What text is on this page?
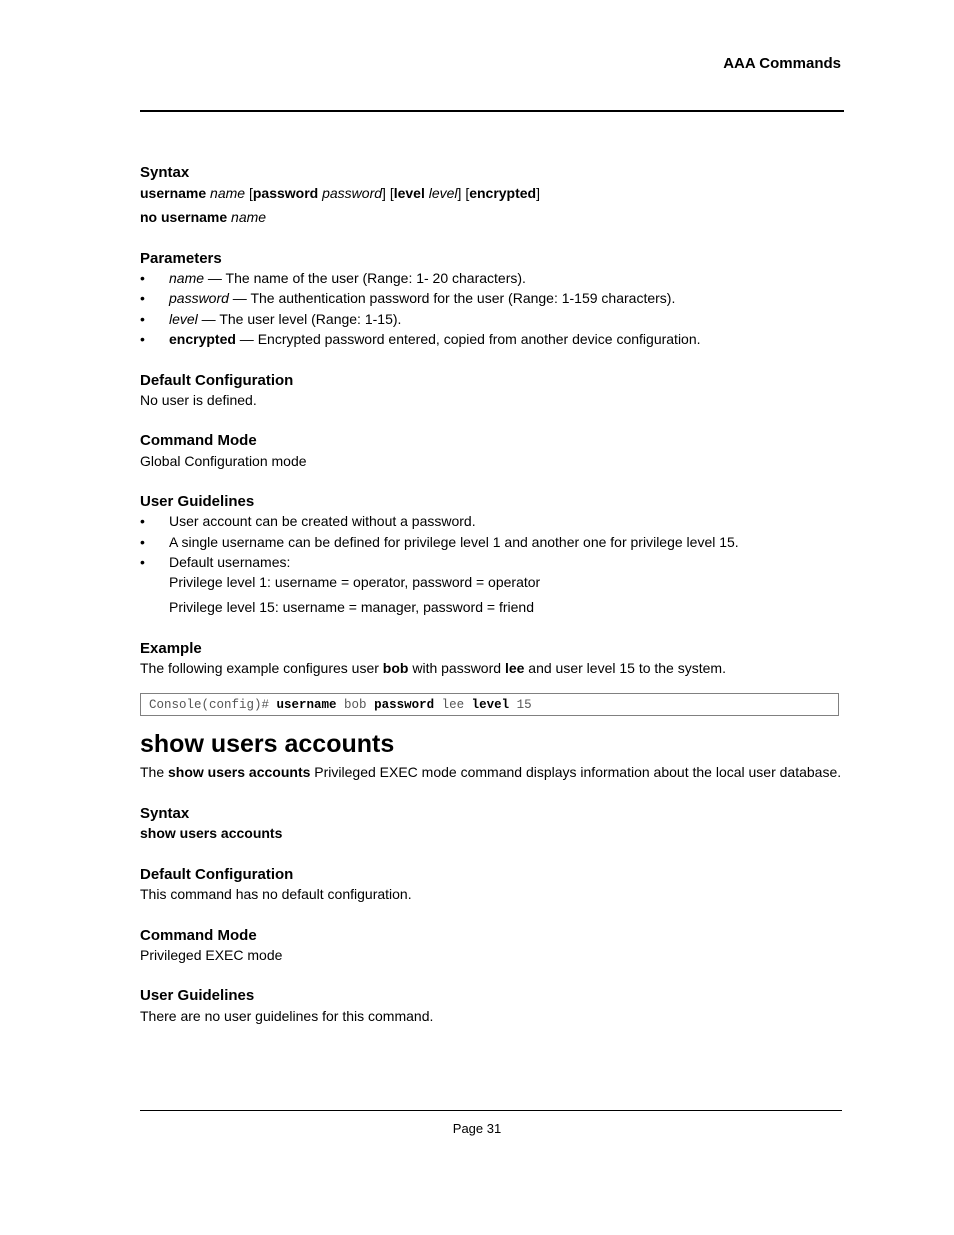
AAA Commands
Syntax
username name [password password] [level level] [encrypted]
no username name
Parameters
• name — The name of the user (Range: 1- 20 characters).
• password — The authentication password for the user (Range: 1-159 characters).
• level — The user level (Range: 1-15).
• encrypted — Encrypted password entered, copied from another device configuration.
Default Configuration
No user is defined.
Command Mode
Global Configuration mode
User Guidelines
• User account can be created without a password.
• A single username can be defined for privilege level 1 and another one for privilege level 15.
• Default usernames:
Privilege level 1: username = operator, password = operator
Privilege level 15: username = manager, password = friend
Example
The following example configures user bob with password lee and user level 15 to the system.
Console(config)# username bob password lee level 15
show users accounts
The show users accounts Privileged EXEC mode command displays information about the local user database.
Syntax
show users accounts
Default Configuration
This command has no default configuration.
Command Mode
Privileged EXEC mode
User Guidelines
There are no user guidelines for this command.
Page 31
